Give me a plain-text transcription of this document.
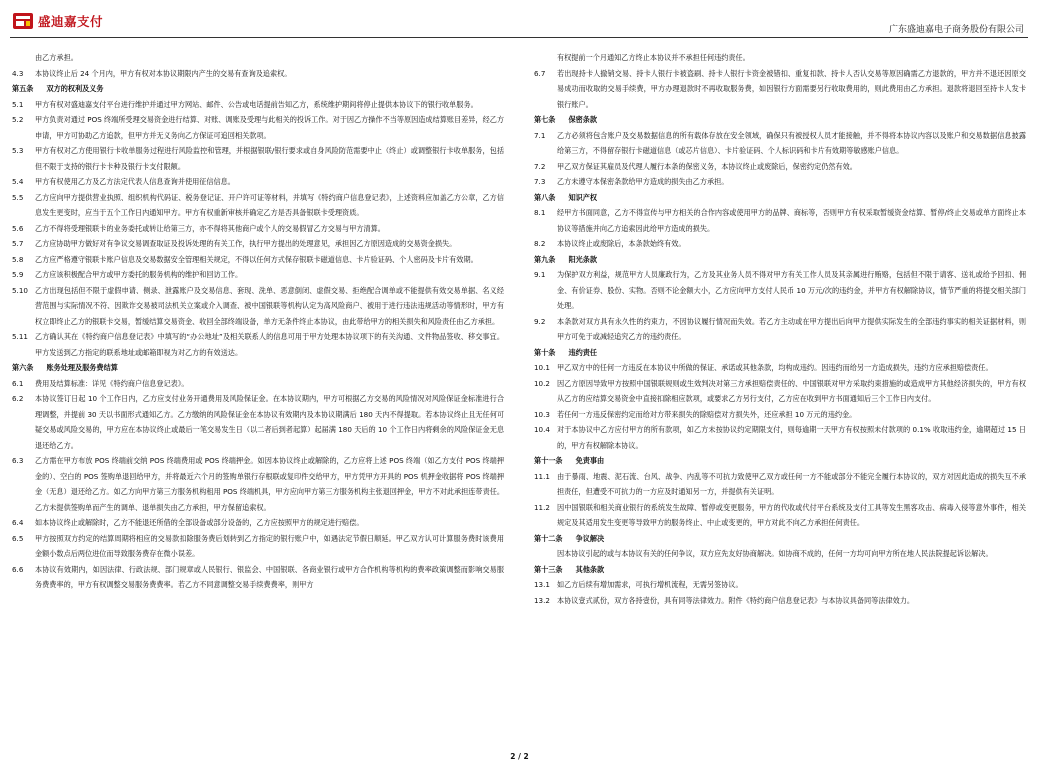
盛迪嘉支付
广东盛迪嘉电子商务股份有限公司
由乙方承担。
4.3	本协议终止后 24 个月内，甲方有权对本协议期限内产生的交易有查询及追索权。
第五条 双方的权利及义务
5.1	甲方有权对盛迪嘉支付平台进行维护并通过甲方网站、邮件、公告或电话提前告知乙方，系统维护期间将停止提供本协议下的银行收单服务。
5.2	甲方负责对通过 POS 终端所受理交易资金进行结算、对账、调账及受理与此相关的投诉工作。对于因乙方操作不当等原因造成结算账目差异，经乙方申请，甲方可协助乙方追款，但甲方并无义务向乙方保证可追回相关款项。
5.3	甲方有权对乙方使用银行卡收单服务过程进行风险监控和管理，并根据银联/银行要求或自身风险防范需要中止（终止）或调整银行卡收单服务，包括但不限于支持的银行卡卡种及银行卡支付限额。
5.4	甲方有权使用乙方及乙方法定代表人信息查询并使用征信信息。
5.5	乙方应向甲方提供营业执照、组织机构代码证、税务登记证、开户许可证等材料，并填写《特约商户信息登记表》，上述资料应加盖乙方公章，乙方信息发生更变时，应当于五个工作日内通知甲方。甲方有权重新审核并确定乙方是否具备银联卡受理资质。
5.6	乙方不得将受理银联卡的业务委托或转让给第三方，亦不得将其他商户或个人的交易假冒乙方交易与甲方清算。
5.7	乙方应协助甲方做好对有争议交易调查取证及投诉处理的有关工作，执行甲方提出的处理意见，承担因乙方原因造成的交易资金损失。
5.8	乙方应严格遵守银联卡账户信息及交易数据安全管理相关规定，不得以任何方式保存银联卡磁道信息、卡片验证码、个人密码及卡片有效期。
5.9	乙方应该积极配合甲方或甲方委托的服务机构的维护和回访工作。
5.10 乙方出现包括但不限于虚假申请、侧录、泄露账户及交易信息、套现、洗单、恶意倒闭、虚假交易、拒绝配合调单或不能提供有效交易单据、名义经营范围与实际情况不符、因欺诈交易被司法机关立案或介入调查、被中国银联等机构认定为高风险商户、被用于进行违法违规活动等情形时，甲方有权立即终止乙方的银联卡交易，暂缓结算交易资金、收回全部终端设备，单方无条件终止本协议，由此带给甲方的相关损失和风险责任由乙方承担。
5.11 乙方确认其在《特约商户信息登记表》中填写的“办公地址”及相关联系人的信息可用于甲方处理本协议项下的有关沟通、文件物品签收、移交事宜。甲方发送到乙方指定的联系地址或邮箱即视为对乙方的有效送达。
第六条 账务处理及服务费结算
6.1	费用及结算标准：详见《特约商户信息登记表》。
6.2	本协议签订日起 10 个工作日内，乙方应支付业务开通费用及风险保证金。在本协议期内，甲方可根据乙方交易的风险情况对风险保证金标准进行合理调整，并提前 30 天以书面形式通知乙方。乙方缴纳的风险保证金在本协议有效期内及本协议期满后 180 天内不得提取。若本协议终止且无任何可疑交易或风险交易的，甲方应在本协议终止或最后一笔交易发生日（以二者后到者起算）起届满 180 天后的 10 个工作日内将剩余的风险保证金无息退还给乙方。
6.3	乙方需在甲方布放 POS 终端前交纳 POS 终端费用或 POS 终端押金。如因本协议终止或解除的，乙方应将上述 POS 终端（如乙方支付 POS 终端押金的）、空白的 POS 签购单退回给甲方，并将最近六个月的签购单银行存根联或复印件交给甲方，甲方凭甲方开具的 POS 机押金收据将 POS 终端押金（无息）退还给乙方。如乙方向甲方第三方服务机构租用 POS 终端机具，甲方应向甲方第三方服务机构主张退回押金，甲方不对此承担连带责任。乙方未提供签购单而产生的调单、退单损失由乙方承担，甲方保留追索权。
6.4	如本协议终止或解除时，乙方不能退还所借的全部设备或部分设备的，乙方应按照甲方的规定进行赔偿。
6.5	甲方按照双方约定的结算周期将相应的交易款扣除服务费后划转到乙方指定的银行账户中，如遇法定节假日顺延。甲乙双方认可计算服务费时该费用金额小数点后两位进位而导致服务费存在微小误差。
6.6	本协议有效期内，如因法律、行政法规、部门规章或人民银行、银监会、中国银联、各商业银行或甲方合作机构等机构的费率政策调整而影响交易服务费费率的，甲方有权调整交易服务费费率。若乙方不同意调整交易手续费费率，则甲方
有权提前一个月通知乙方终止本协议并不承担任何违约责任。
6.7	若出现持卡人撤销交易、持卡人银行卡被盗刷、持卡人银行卡资金被错扣、重复扣款、持卡人否认交易等原因确需乙方退款的，甲方并不退还因原交易成功而收取的交易手续费，甲方办理退款时不再收取服务费，如因银行方面需要另行收取费用的，则此费用由乙方承担。退款将退回至持卡人发卡银行账户。
第七条 保密条款
7.1	乙方必须将包含账户及交易数据信息的所有载体存放在安全领域，确保只有被授权人员才能接触，并不得将本协议内容以及账户和交易数据信息披露给第三方，不得留存银行卡磁道信息（或芯片信息）、卡片验证码、个人标识码和卡片有效期等敏感账户信息。
7.2	甲乙双方保证其雇员及代理人履行本条的保密义务，本协议终止或废除后，保密约定仍然有效。
7.3	乙方未遵守本保密条款给甲方造成的损失由乙方承担。
第八条 知识产权
8.1	经甲方书面同意，乙方不得宣传与甲方相关的合作内容或使用甲方的品牌、商标等，否则甲方有权采取暂缓资金结算、暂停/终止交易或单方面终止本协议等措施并向乙方追索因此给甲方造成的损失。
8.2	本协议终止或废除后，本条款始终有效。
第九条 阳光条款
9.1	为保护双方利益，规范甲方人员廉政行为，乙方及其业务人员不得对甲方有关工作人员及其亲属进行贿赂，包括但不限于请客、送礼或给予回扣、佣金、有价证券、股份、实物。否则不论金额大小，乙方应向甲方支付人民币 10 万元/次的违约金，并甲方有权解除协议，情节严重的将提交相关部门处理。
9.2	本条款对双方具有永久性的约束力，不因协议履行情况而失效。若乙方主动或在甲方提出后向甲方提供实际发生的全部违约事实的相关证据材料，则甲方可免于或减轻追究乙方的违约责任。
第十条 违约责任
10.1 甲乙双方中的任何一方违反在本协议中所做的保证、承诺或其他条款，均构成违约。因违约而给另一方造成损失，违约方应承担赔偿责任。
10.2 因乙方原因导致甲方按照中国银联规则或生效判决对第三方承担赔偿责任的、中国银联对甲方采取约束措施的或造成甲方其他经济损失的，甲方有权从乙方的应结算交易资金中直接扣除相应款项，或要求乙方另行支付，乙方应在收到甲方书面通知后三个工作日内支付。
10.3 若任何一方违反保密约定而给对方带来损失的除赔偿对方损失外，还应承担 10 万元的违约金。
10.4 对于本协议中乙方应付甲方的所有款项，如乙方未按协议约定期限支付，则每逾期一天甲方有权按照未付款项的 0.1% 收取违约金，逾期超过 15 日的，甲方有权解除本协议。
第十一条 免责事由
11.1 由于暴雨、地震、泥石流、台风、战争、内乱等不可抗力致使甲乙双方或任何一方不能或部分不能完全履行本协议的，双方对因此造成的损失互不承担责任，但遭受不可抗力的一方应及时通知另一方，并提供有关证明。
11.2 因中国银联和相关商业银行的系统发生故障、暂停或变更服务，甲方的代收或代付平台系统及支付工具等发生黑客攻击、病毒入侵等意外事件，相关规定及其适用发生变更等导致甲方的服务终止、中止或变更的，甲方对此不向乙方承担任何责任。
第十二条 争议解决
因本协议引起的或与本协议有关的任何争议，双方应先友好协商解决。如协商不成的，任何一方均可向甲方所在地人民法院提起诉讼解决。
第十三条 其他条款
13.1 如乙方后续有增加需求，可执行增机流程，无需另签协议。
13.2 本协议壹式贰份，双方各持壹份，具有同等法律效力。附件《特约商户信息登记表》与本协议具备同等法律效力。
2 / 2
